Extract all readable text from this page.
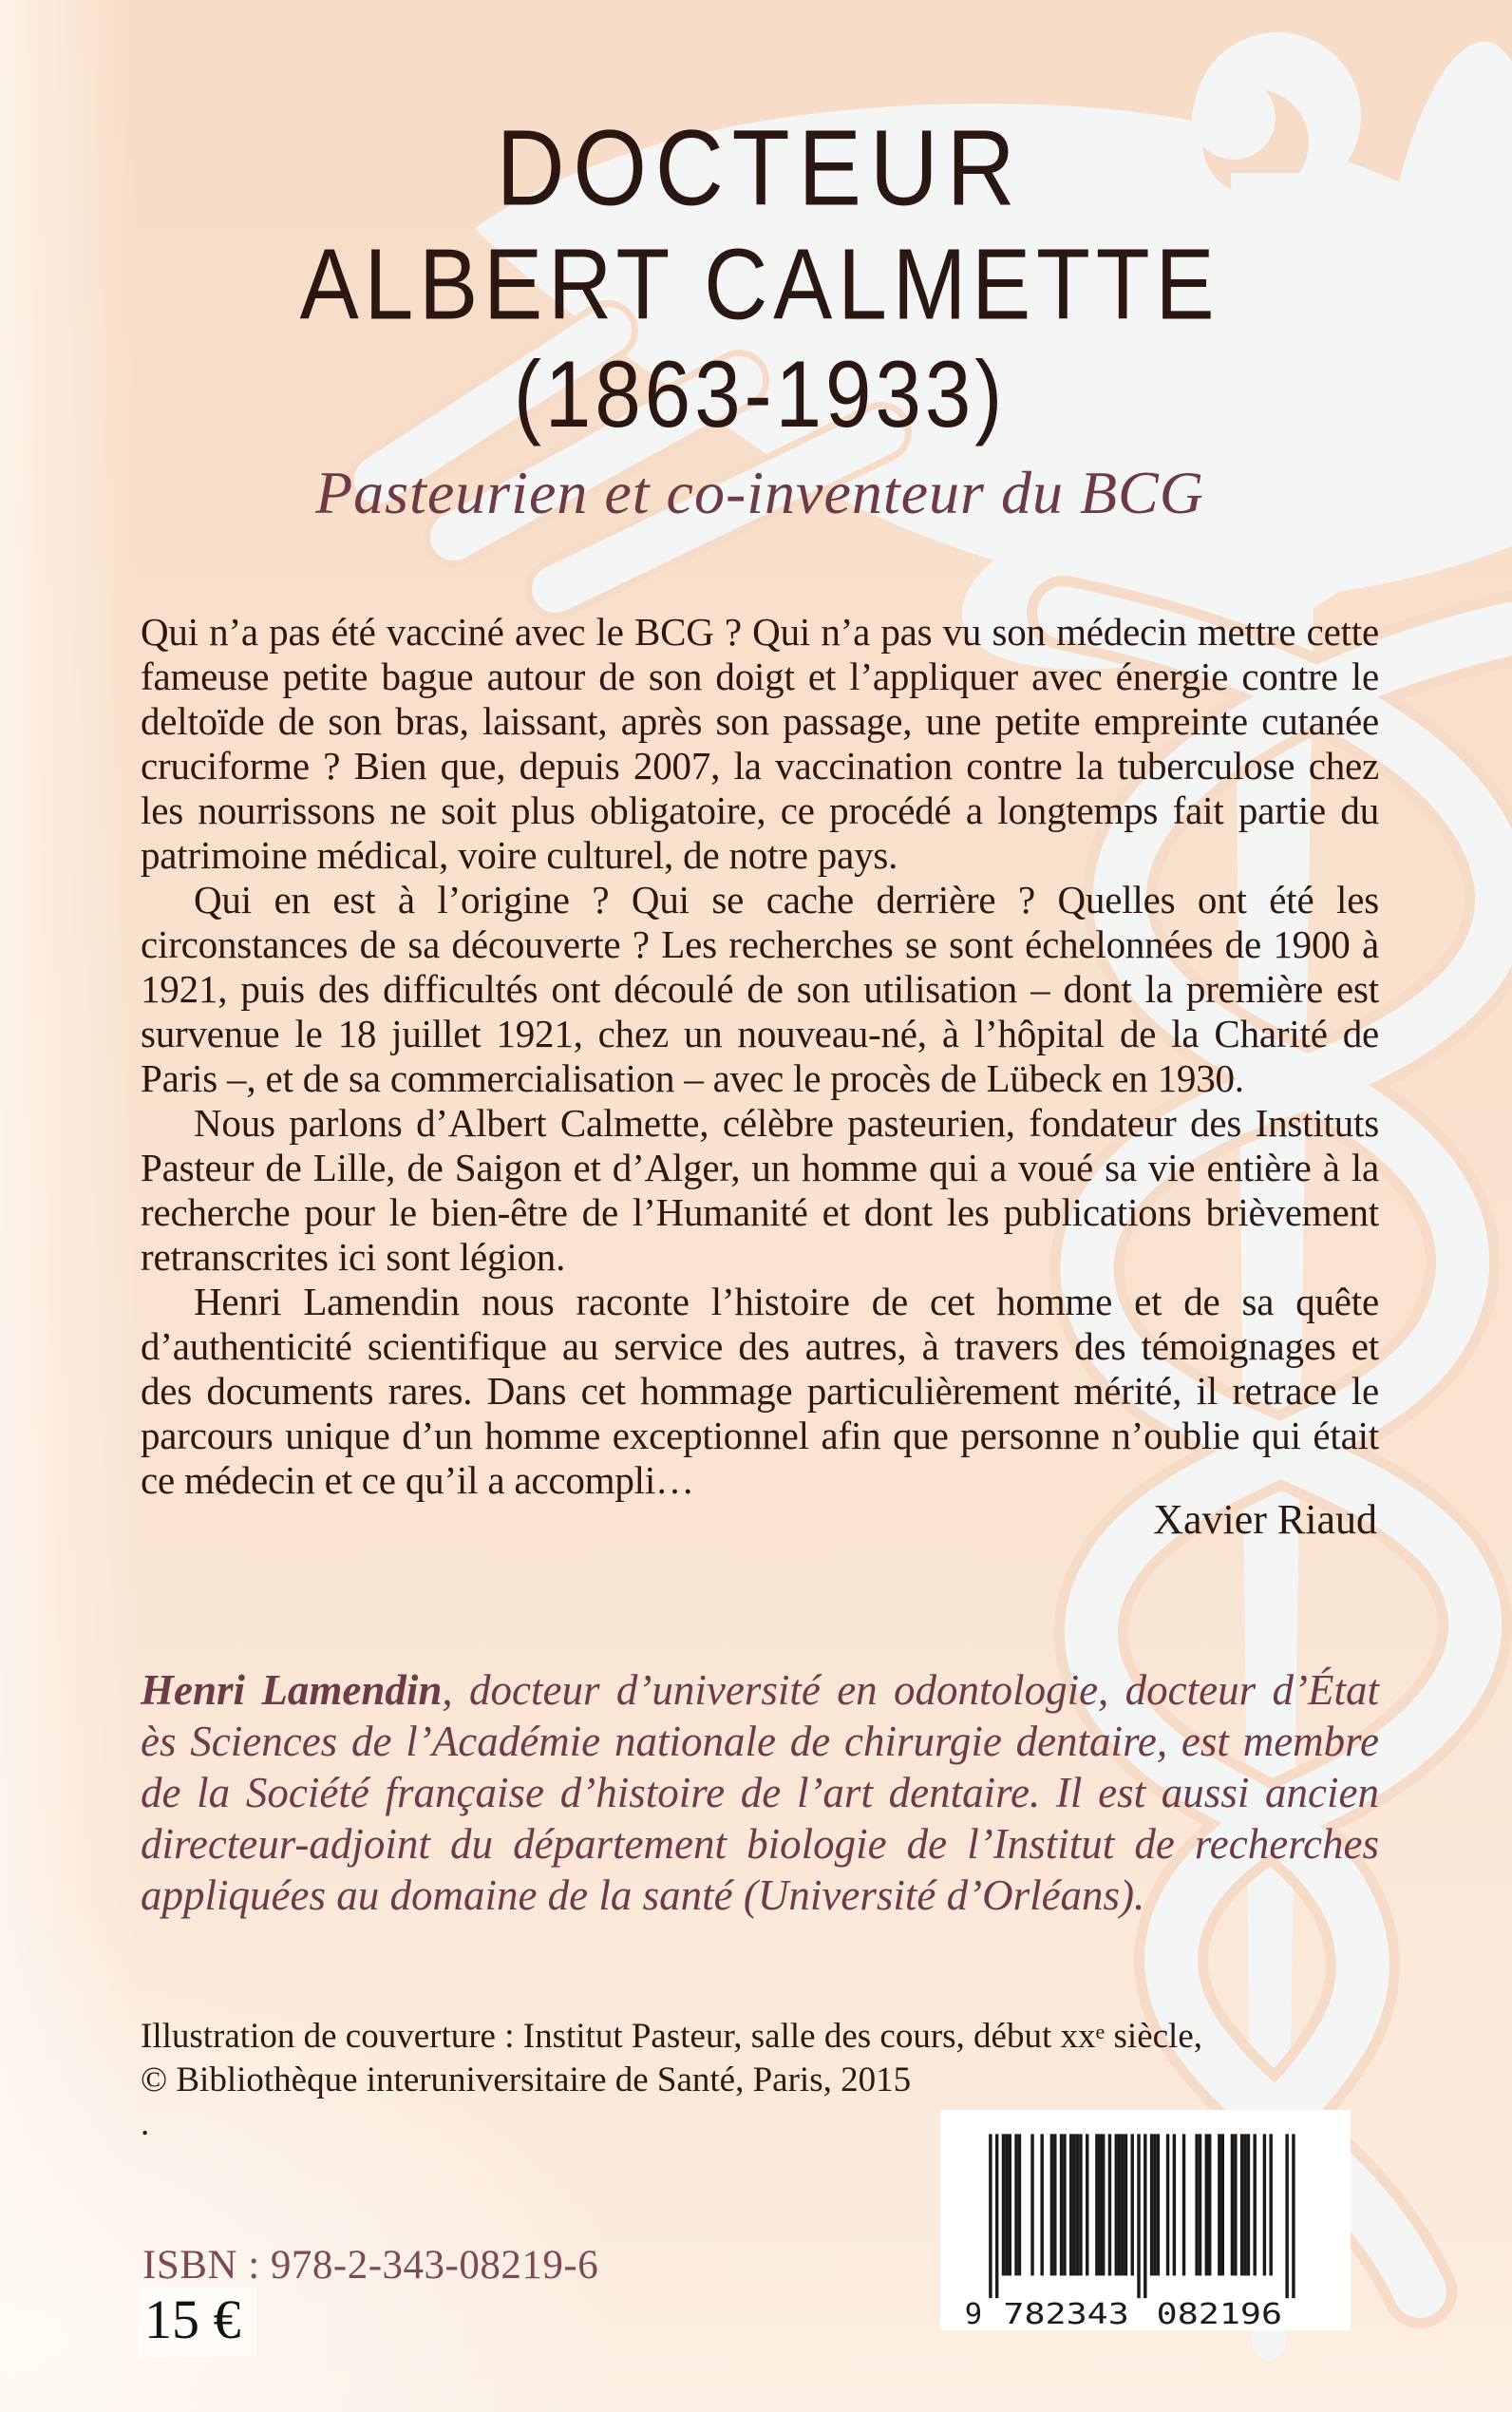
DOCTEUR
ALBERT CALMETTE
(1863-1933)
Pasteurien et co-inventeur du BCG

Qui n’a pas été vacciné avec le BCG ? Qui n’a pas vu son médecin mettre cette fameuse petite bague autour de son doigt et l’appliquer avec énergie contre le deltoïde de son bras, laissant, après son passage, une petite empreinte cutanée cruciforme ? Bien que, depuis 2007, la vaccination contre la tuberculose chez les nourrissons ne soit plus obligatoire, ce procédé a longtemps fait partie du patrimoine médical, voire culturel, de notre pays.

Qui en est à l’origine ? Qui se cache derrière ? Quelles ont été les circonstances de sa découverte ? Les recherches se sont échelonnées de 1900 à 1921, puis des difficultés ont découlé de son utilisation – dont la première est survenue le 18 juillet 1921, chez un nouveau-né, à l’hôpital de la Charité de Paris –, et de sa commercialisation – avec le procès de Lübeck en 1930.

Nous parlons d’Albert Calmette, célèbre pasteurien, fondateur des Instituts Pasteur de Lille, de Saigon et d’Alger, un homme qui a voué sa vie entière à la recherche pour le bien-être de l’Humanité et dont les publications brièvement retranscrites ici sont légion.

Henri Lamendin nous raconte l’histoire de cet homme et de sa quête d’authenticité scientifique au service des autres, à travers des témoignages et des documents rares. Dans cet hommage particulièrement mérité, il retrace le parcours unique d’un homme exceptionnel afin que personne n’oublie qui était ce médecin et ce qu’il a accompli…

Xavier Riaud
Henri Lamendin, docteur d’université en odontologie, docteur d’État ès Sciences de l’Académie nationale de chirurgie dentaire, est membre de la Société française d’histoire de l’art dentaire. Il est aussi ancien directeur-adjoint du département biologie de l’Institut de recherches appliquées au domaine de la santé (Université d’Orléans).
Illustration de couverture : Institut Pasteur, salle des cours, début $xx^e$ siècle,
© Bibliothèque interuniversitaire de Santé, Paris, 2015
.
ISBN : 978-2-343-08219-6
15 €	9 782343	082196
